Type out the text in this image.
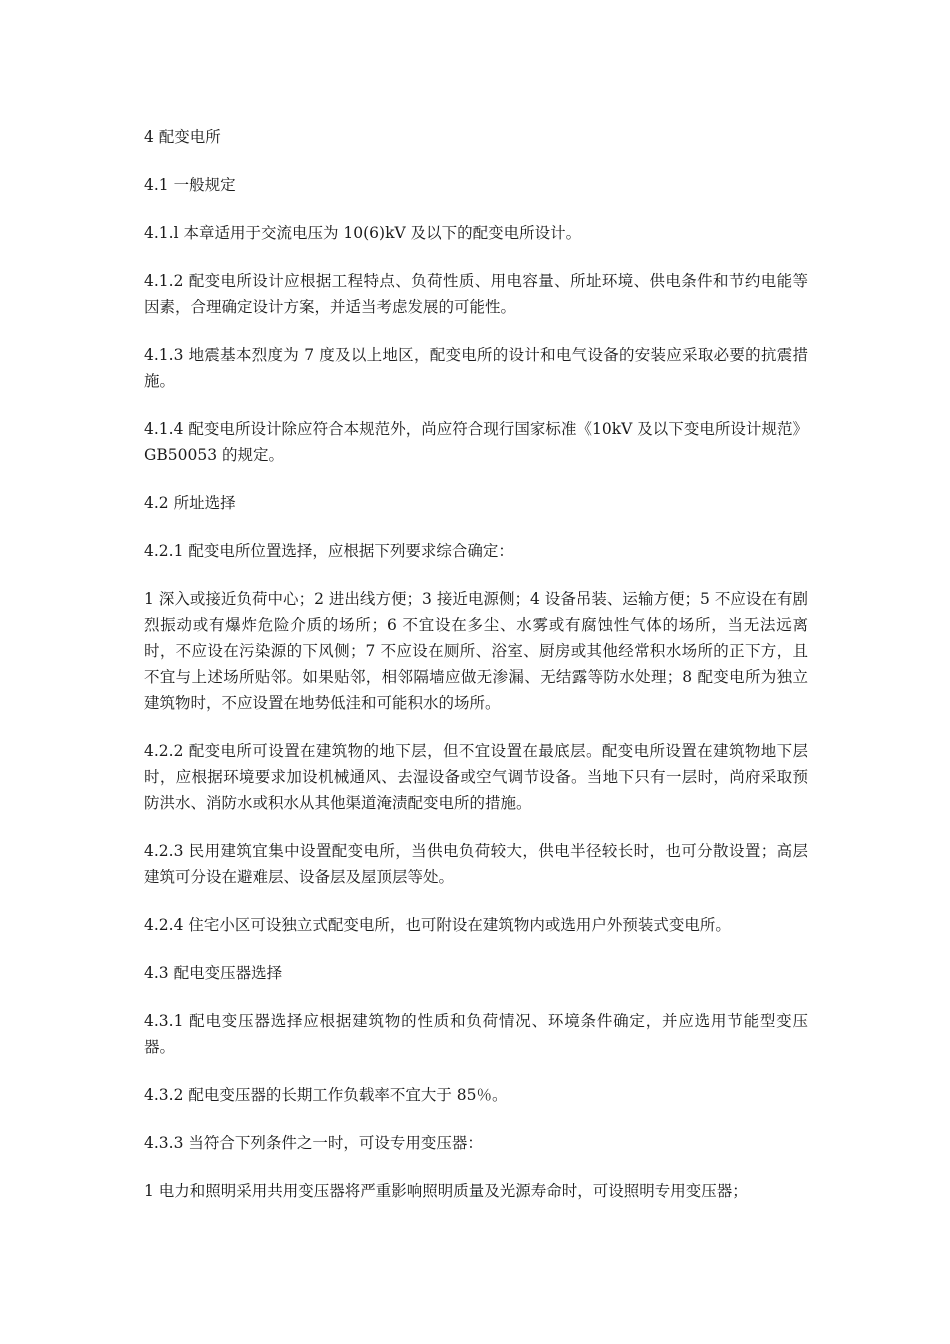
4 配变电所

4.1 一般规定

4.1.l 本章适用于交流电压为 10(6)kV 及以下的配变电所设计。

4.1.2 配变电所设计应根据工程特点、负荷性质、用电容量、所址环境、供电条件和节约电能等因素，合理确定设计方案，并适当考虑发展的可能性。

4.1.3 地震基本烈度为 7 度及以上地区，配变电所的设计和电气设备的安装应采取必要的抗震措施。

4.1.4 配变电所设计除应符合本规范外，尚应符合现行国家标准《10kV 及以下变电所设计规范》GB50053 的规定。

4.2 所址选择

4.2.1 配变电所位置选择，应根据下列要求综合确定：

1 深入或接近负荷中心；2 进出线方便；3 接近电源侧；4 设备吊装、运输方便；5 不应设在有剧烈振动或有爆炸危险介质的场所；6 不宜设在多尘、水雾或有腐蚀性气体的场所，当无法远离时，不应设在污染源的下风侧；7 不应设在厕所、浴室、厨房或其他经常积水场所的正下方，且不宜与上述场所贴邻。如果贴邻，相邻隔墙应做无渗漏、无结露等防水处理；8 配变电所为独立建筑物时，不应设置在地势低洼和可能积水的场所。

4.2.2 配变电所可设置在建筑物的地下层，但不宜设置在最底层。配变电所设置在建筑物地下层时，应根据环境要求加设机械通风、去湿设备或空气调节设备。当地下只有一层时，尚府采取预防洪水、消防水或积水从其他渠道淹渍配变电所的措施。

4.2.3 民用建筑宜集中设置配变电所，当供电负荷较大，供电半径较长时，也可分散设置；高层建筑可分设在避难层、设备层及屋顶层等处。

4.2.4 住宅小区可设独立式配变电所，也可附设在建筑物内或选用户外预装式变电所。

4.3 配电变压器选择

4.3.1 配电变压器选择应根据建筑物的性质和负荷情况、环境条件确定，并应选用节能型变压器。

4.3.2 配电变压器的长期工作负载率不宜大于 85％。

4.3.3 当符合下列条件之一时，可设专用变压器：

1 电力和照明采用共用变压器将严重影响照明质量及光源寿命时，可设照明专用变压器；
